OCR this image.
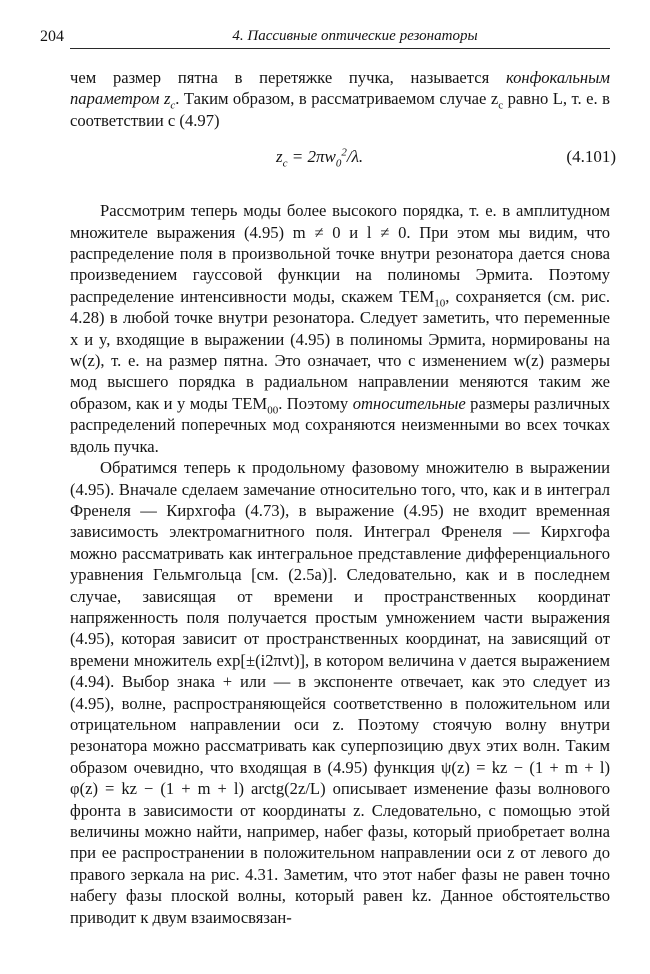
204	4. Пассивные оптические резонаторы

чем размер пятна в перетяжке пучка, называется конфокальным параметром $z_c$. Таким образом, в рассматриваемом случае $z_c$ равно L, т. е. в соответствии с (4.97)

$z_c = 2\pi w_0^2/\lambda$.	(4.101)

Рассмотрим теперь моды более высокого порядка, т. е. в амплитудном множителе выражения (4.95) m ≠ 0 и l ≠ 0. При этом мы видим, что распределение поля в произвольной точке внутри резонатора дается снова произведением гауссовой функции на полиномы Эрмита. Поэтому распределение интенсивности моды, скажем $TEM_{10}$, сохраняется (см. рис. 4.28) в любой точке внутри резонатора. Следует заметить, что переменные x и y, входящие в выражении (4.95) в полиномы Эрмита, нормированы на w(z), т. е. на размер пятна. Это означает, что с изменением w(z) размеры мод высшего порядка в радиальном направлении меняются таким же образом, как и у моды $TEM_{00}$. Поэтому относительные размеры различных распределений поперечных мод сохраняются неизменными во всех точках вдоль пучка.

Обратимся теперь к продольному фазовому множителю в выражении (4.95). Вначале сделаем замечание относительно того, что, как и в интеграл Френеля — Кирхгофа (4.73), в выражение (4.95) не входит временная зависимость электромагнитного поля. Интеграл Френеля — Кирхгофа можно рассматривать как интегральное представление дифференциального уравнения Гельмгольца [см. (2.5а)]. Следовательно, как и в последнем случае, зависящая от времени и пространственных координат напряженность поля получается простым умножением части выражения (4.95), которая зависит от пространственных координат, на зависящий от времени множитель exp[±(i2πνt)], в котором величина ν дается выражением (4.94). Выбор знака + или — в экспоненте отвечает, как это следует из (4.95), волне, распространяющейся соответственно в положительном или отрицательном направлении оси z. Поэтому стоячую волну внутри резонатора можно рассматривать как суперпозицию двух этих волн. Таким образом очевидно, что входящая в (4.95) функция ψ(z) = kz − (1 + m + l) φ(z) = kz − (1 + m + l) arctg(2z/L) описывает изменение фазы волнового фронта в зависимости от координаты z. Следовательно, с помощью этой величины можно найти, например, набег фазы, который приобретает волна при ее распространении в положительном направлении оси z от левого до правого зеркала на рис. 4.31. Заметим, что этот набег фазы не равен точно набегу фазы плоской волны, который равен kz. Данное обстоятельство приводит к двум взаимосвязан-
